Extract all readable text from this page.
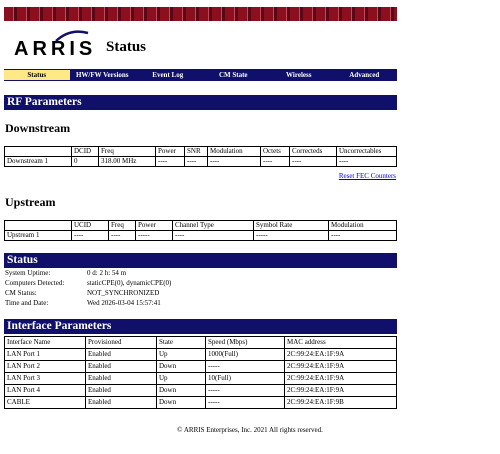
ARRIS Status
Status	HW/FW Versions	Event Log	CM State	Wireless	Advanced
RF Parameters
Downstream
	DCID	Freq	Power	SNR	Modulation	Octets	Correcteds	Uncorrectables
Downstream 1	0	318.00 MHz	----	----	----	----	----	----
Reset FEC Counters
Upstream
	UCID	Freq	Power	Channel Type	Symbol Rate	Modulation
Upstream 1	----	----	-----	----	-----	----
Status
System Uptime:	0 d: 2 h: 54 m
Computers Detected:	staticCPE(0), dynamicCPE(0)
CM Status:	NOT_SYNCHRONIZED
Time and Date:	Wed 2026-03-04 15:57:41
Interface Parameters
Interface Name	Provisioned	State	Speed (Mbps)	MAC address
LAN Port 1	Enabled	Up	1000(Full)	2C:99:24:EA:1F:9A
LAN Port 2	Enabled	Down	-----	2C:99:24:EA:1F:9A
LAN Port 3	Enabled	Up	10(Full)	2C:99:24:EA:1F:9A
LAN Port 4	Enabled	Down	-----	2C:99:24:EA:1F:9A
CABLE	Enabled	Down	-----	2C:99:24:EA:1F:9B
© ARRIS Enterprises, Inc. 2021 All rights reserved.
